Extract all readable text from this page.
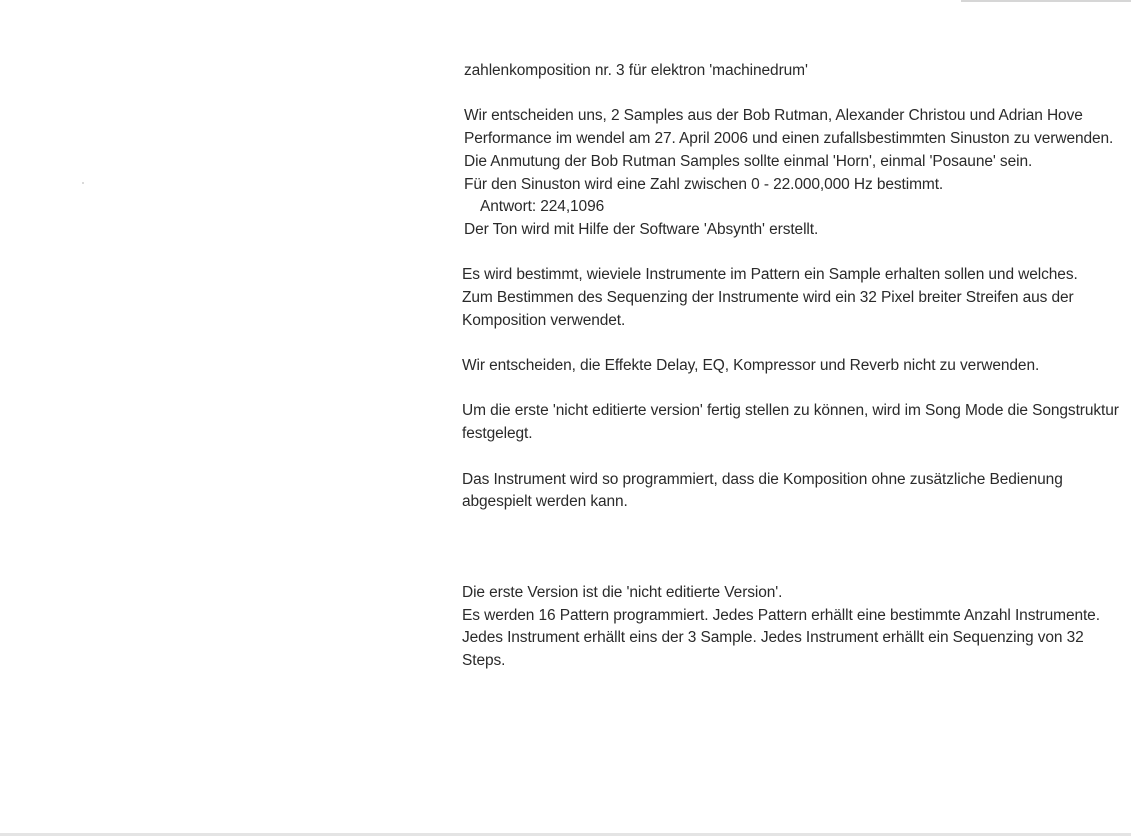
zahlenkomposition nr. 3 für elektron 'machinedrum'
Wir entscheiden uns, 2 Samples aus der Bob Rutman, Alexander Christou und Adrian Hove
Performance im wendel am 27. April 2006 und einen zufallsbestimmten Sinuston zu verwenden.
Die Anmutung der Bob Rutman Samples sollte einmal 'Horn', einmal 'Posaune' sein.
Für den Sinuston wird eine Zahl zwischen 0 - 22.000,000 Hz bestimmt.
Antwort: 224,1096
Der Ton wird mit Hilfe der Software 'Absynth' erstellt.
Es wird bestimmt, wieviele Instrumente im Pattern ein Sample erhalten sollen und welches.
Zum Bestimmen des Sequenzing der Instrumente wird ein 32 Pixel breiter Streifen aus der
Komposition verwendet.
Wir entscheiden, die Effekte Delay, EQ, Kompressor und Reverb nicht zu verwenden.
Um die erste 'nicht editierte version' fertig stellen zu können, wird im Song Mode die Songstruktur
festgelegt.
Das Instrument wird so programmiert, dass die Komposition ohne zusätzliche Bedienung
abgespielt werden kann.
Die erste Version ist die 'nicht editierte Version'.
Es werden 16 Pattern programmiert. Jedes Pattern erhällt eine bestimmte Anzahl Instrumente.
Jedes Instrument erhällt eins der 3 Sample. Jedes Instrument erhällt ein Sequenzing von 32
Steps.
